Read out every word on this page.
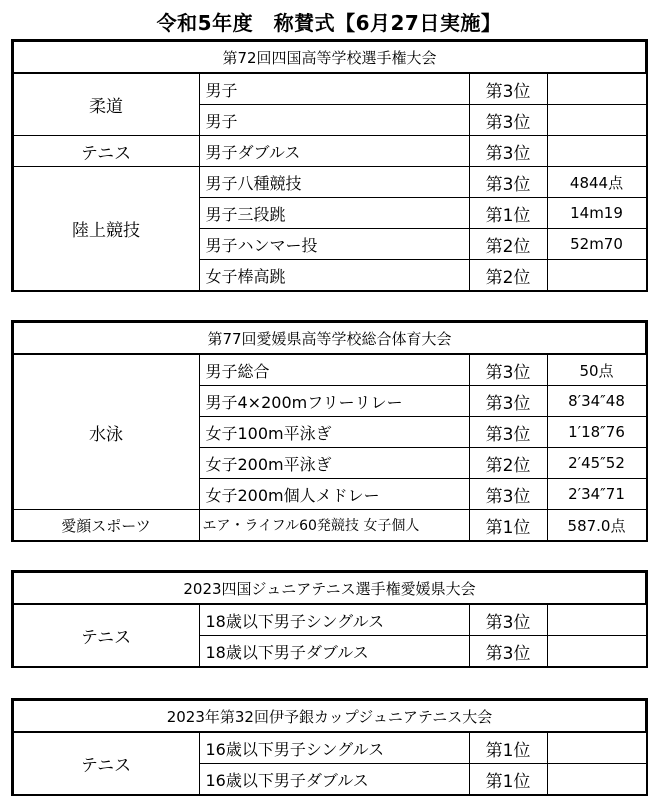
令和5年度　称賛式【6月27日実施】
第72回四国高等学校選手権大会			
柔道	男子	第3位	
	男子	第3位	
テニス	男子ダブルス	第3位	
陸上競技	男子八種競技	第3位	4844点
	男子三段跳	第1位	14m19
	男子ハンマー投	第2位	52m70
	女子棒高跳	第2位	
第77回愛媛県高等学校総合体育大会			
水泳	男子総合	第3位	50点
	男子4×200mフリーリレー	第3位	8′34″48
	女子100m平泳ぎ	第3位	1′18″76
	女子200m平泳ぎ	第2位	2′45″52
	女子200m個人メドレー	第3位	2′34″71
愛顔スポーツ	エア・ライフル60発競技 女子個人	第1位	587.0点
2023四国ジュニアテニス選手権愛媛県大会			
テニス	18歳以下男子シングルス	第3位	
	18歳以下男子ダブルス	第3位	
2023年第32回伊予銀カップジュニアテニス大会			
テニス	16歳以下男子シングルス	第1位	
	16歳以下男子ダブルス	第1位	
